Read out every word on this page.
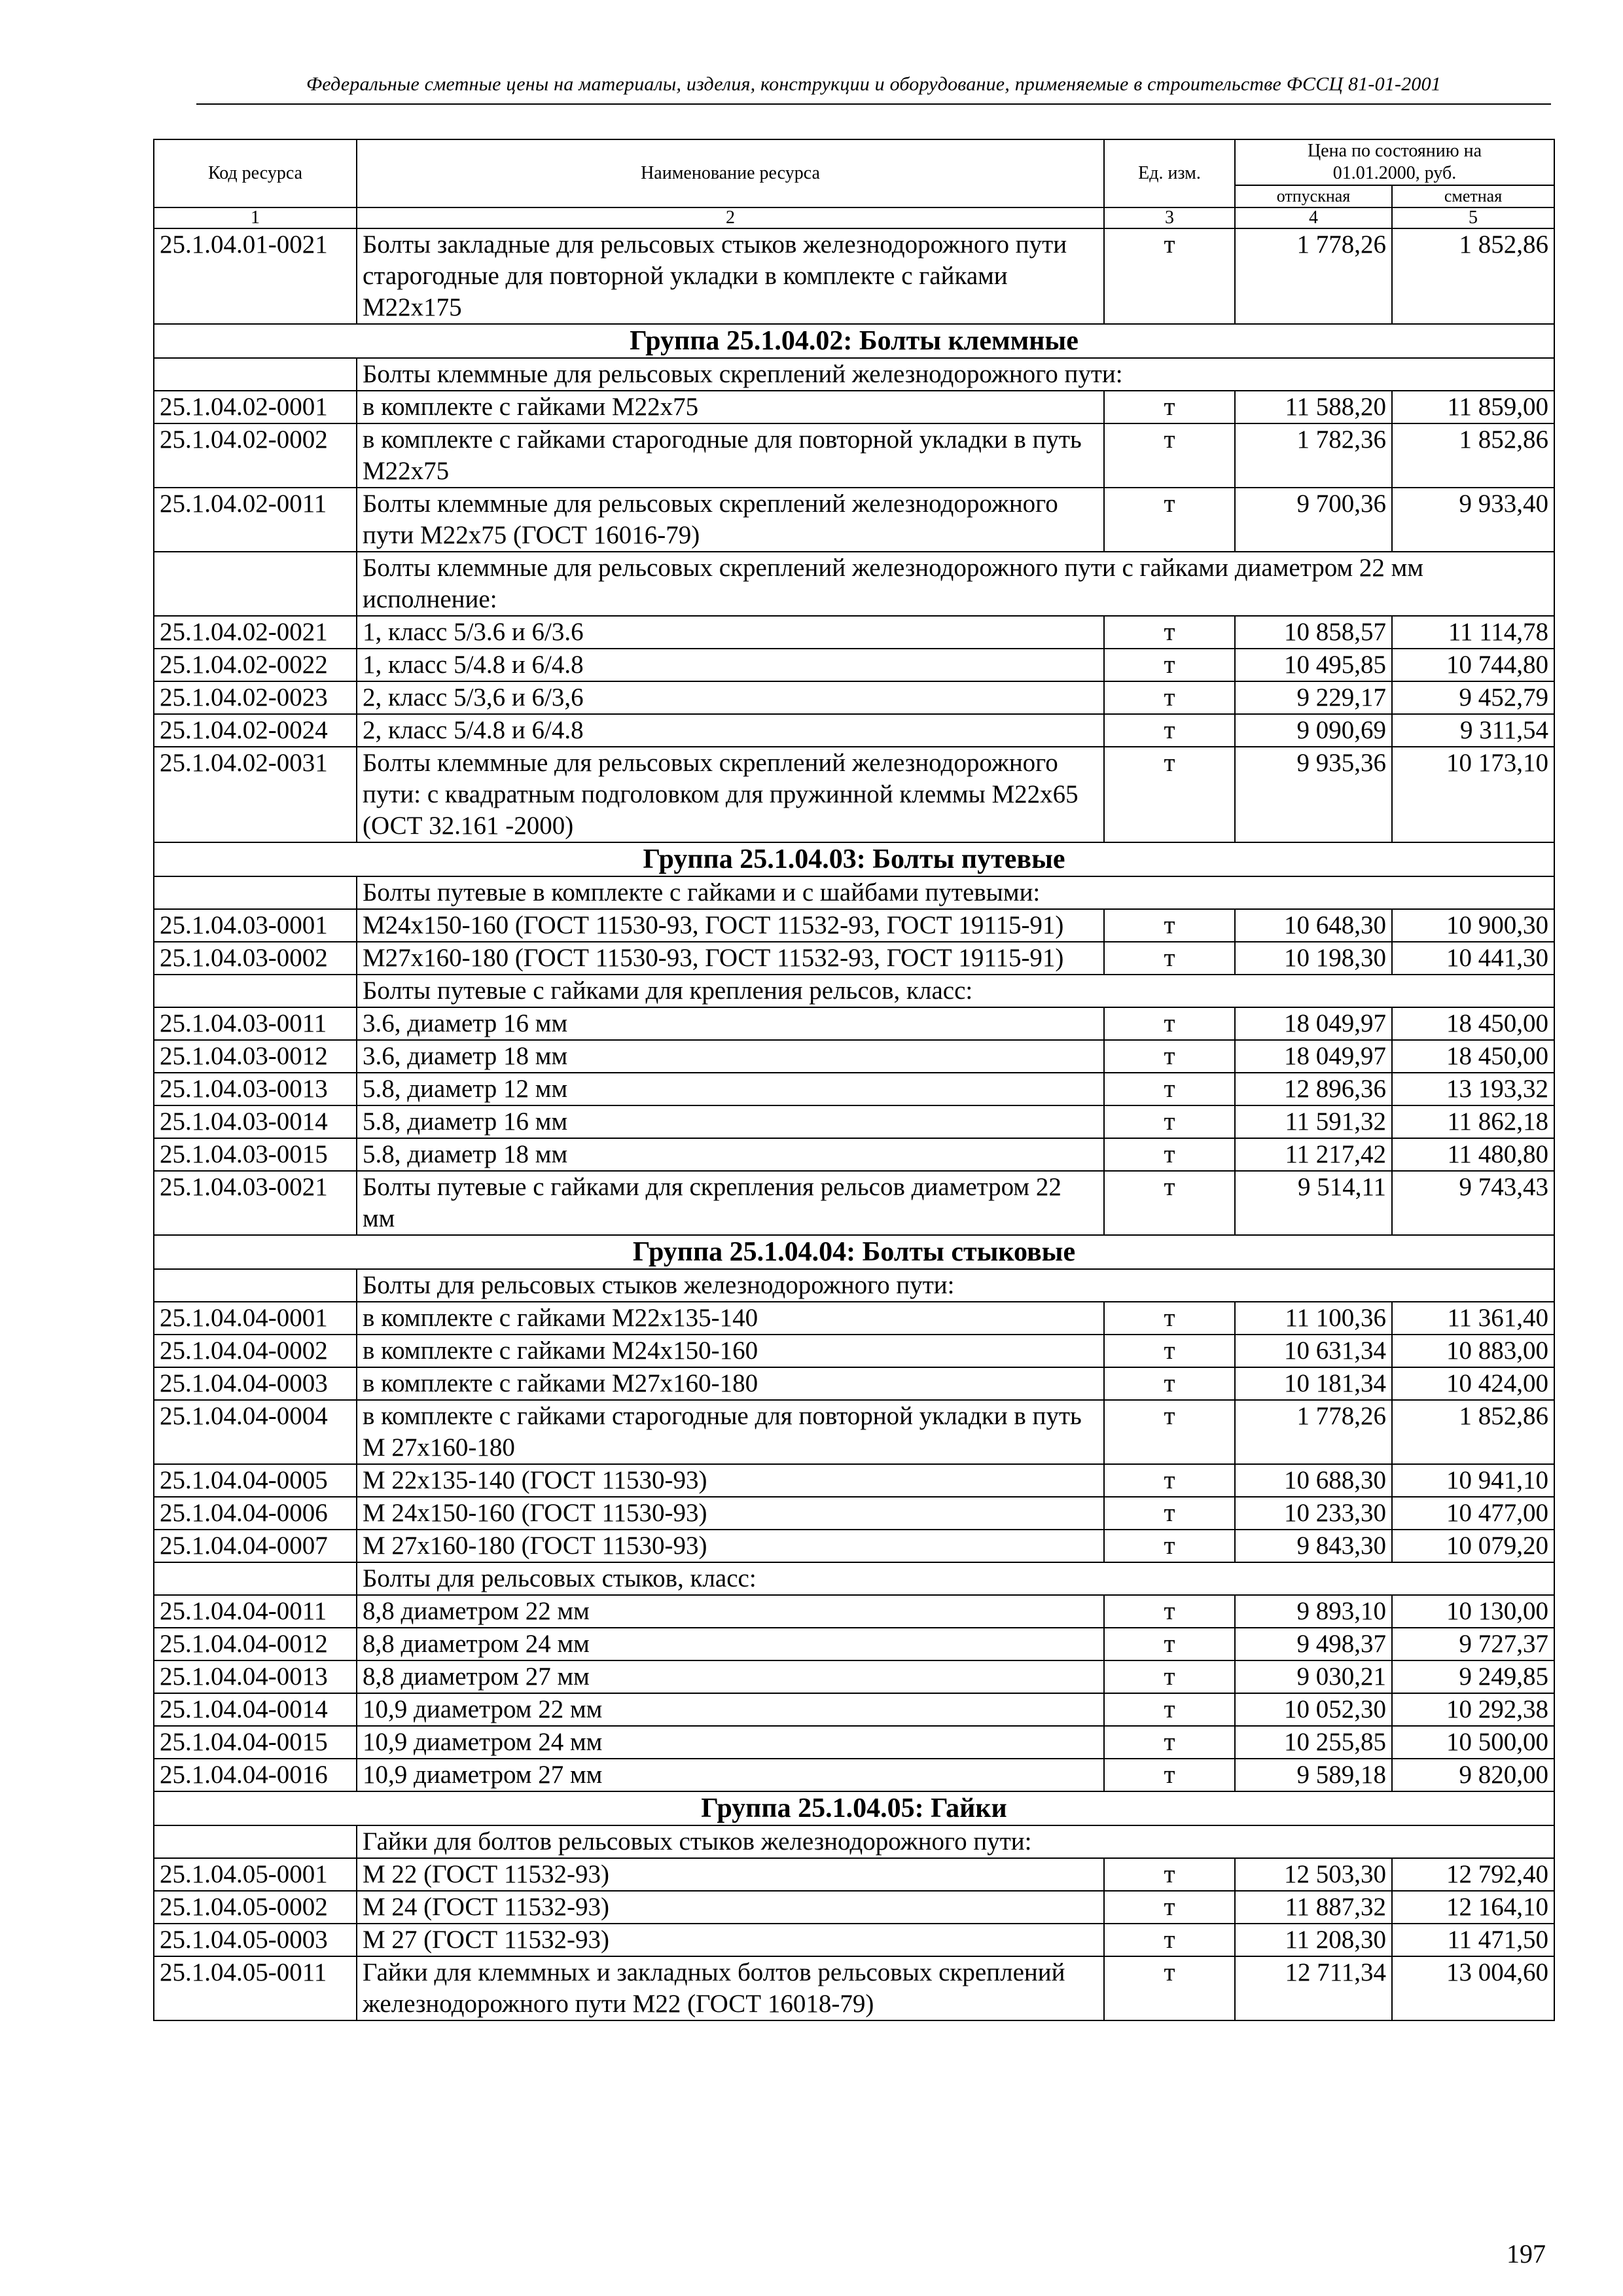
Федеральные сметные цены на материалы, изделия, конструкции и оборудование, применяемые в строительстве ФССЦ 81-01-2001
Код ресурса	Наименование ресурса	Ед. изм.	Цена по состоянию на 01.01.2000, руб.	
			отпускная	сметная
1	2	3	4	5
25.1.04.01-0021	Болты закладные для рельсовых стыков железнодорожного пути старогодные для повторной укладки в комплекте с гайками М22х175	т	1 778,26	1 852,86
Группа 25.1.04.02: Болты клеммные				
	Болты клеммные для рельсовых скреплений железнодорожного пути:			
25.1.04.02-0001	в комплекте с гайками М22х75	т	11 588,20	11 859,00
25.1.04.02-0002	в комплекте с гайками старогодные для повторной укладки в путь М22х75	т	1 782,36	1 852,86
25.1.04.02-0011	Болты клеммные для рельсовых скреплений железнодорожного пути М22х75 (ГОСТ 16016-79)	т	9 700,36	9 933,40
	Болты клеммные для рельсовых скреплений железнодорожного пути с гайками диаметром 22 мм исполнение:			
25.1.04.02-0021	1, класс 5/3.6 и 6/3.6	т	10 858,57	11 114,78
25.1.04.02-0022	1, класс 5/4.8 и 6/4.8	т	10 495,85	10 744,80
25.1.04.02-0023	2, класс 5/3,6 и 6/3,6	т	9 229,17	9 452,79
25.1.04.02-0024	2, класс 5/4.8 и 6/4.8	т	9 090,69	9 311,54
25.1.04.02-0031	Болты клеммные для рельсовых скреплений железнодорожного пути: с квадратным подголовком для пружинной клеммы М22х65 (ОСТ 32.161 -2000)	т	9 935,36	10 173,10
Группа 25.1.04.03: Болты путевые				
	Болты путевые в комплекте с гайками и с шайбами путевыми:			
25.1.04.03-0001	М24х150-160 (ГОСТ 11530-93, ГОСТ 11532-93, ГОСТ 19115-91)	т	10 648,30	10 900,30
25.1.04.03-0002	М27х160-180 (ГОСТ 11530-93, ГОСТ 11532-93, ГОСТ 19115-91)	т	10 198,30	10 441,30
	Болты путевые с гайками для крепления рельсов, класс:			
25.1.04.03-0011	3.6, диаметр 16 мм	т	18 049,97	18 450,00
25.1.04.03-0012	3.6, диаметр 18 мм	т	18 049,97	18 450,00
25.1.04.03-0013	5.8, диаметр 12 мм	т	12 896,36	13 193,32
25.1.04.03-0014	5.8, диаметр 16 мм	т	11 591,32	11 862,18
25.1.04.03-0015	5.8, диаметр 18 мм	т	11 217,42	11 480,80
25.1.04.03-0021	Болты путевые с гайками для скрепления рельсов диаметром 22 мм	т	9 514,11	9 743,43
Группа 25.1.04.04: Болты стыковые				
	Болты для рельсовых стыков железнодорожного пути:			
25.1.04.04-0001	в комплекте с гайками М22х135-140	т	11 100,36	11 361,40
25.1.04.04-0002	в комплекте с гайками М24х150-160	т	10 631,34	10 883,00
25.1.04.04-0003	в комплекте с гайками М27х160-180	т	10 181,34	10 424,00
25.1.04.04-0004	в комплекте с гайками старогодные для повторной укладки в путь М 27х160-180	т	1 778,26	1 852,86
25.1.04.04-0005	М 22х135-140 (ГОСТ 11530-93)	т	10 688,30	10 941,10
25.1.04.04-0006	М 24х150-160 (ГОСТ 11530-93)	т	10 233,30	10 477,00
25.1.04.04-0007	М 27х160-180 (ГОСТ 11530-93)	т	9 843,30	10 079,20
	Болты для рельсовых стыков, класс:			
25.1.04.04-0011	8,8 диаметром 22 мм	т	9 893,10	10 130,00
25.1.04.04-0012	8,8 диаметром 24 мм	т	9 498,37	9 727,37
25.1.04.04-0013	8,8 диаметром 27 мм	т	9 030,21	9 249,85
25.1.04.04-0014	10,9 диаметром 22 мм	т	10 052,30	10 292,38
25.1.04.04-0015	10,9 диаметром 24 мм	т	10 255,85	10 500,00
25.1.04.04-0016	10,9 диаметром 27 мм	т	9 589,18	9 820,00
Группа 25.1.04.05: Гайки				
	Гайки для болтов рельсовых стыков железнодорожного пути:			
25.1.04.05-0001	М 22 (ГОСТ 11532-93)	т	12 503,30	12 792,40
25.1.04.05-0002	М 24 (ГОСТ 11532-93)	т	11 887,32	12 164,10
25.1.04.05-0003	М 27 (ГОСТ 11532-93)	т	11 208,30	11 471,50
25.1.04.05-0011	Гайки для клеммных и закладных болтов рельсовых скреплений железнодорожного пути М22 (ГОСТ 16018-79)	т	12 711,34	13 004,60
197
